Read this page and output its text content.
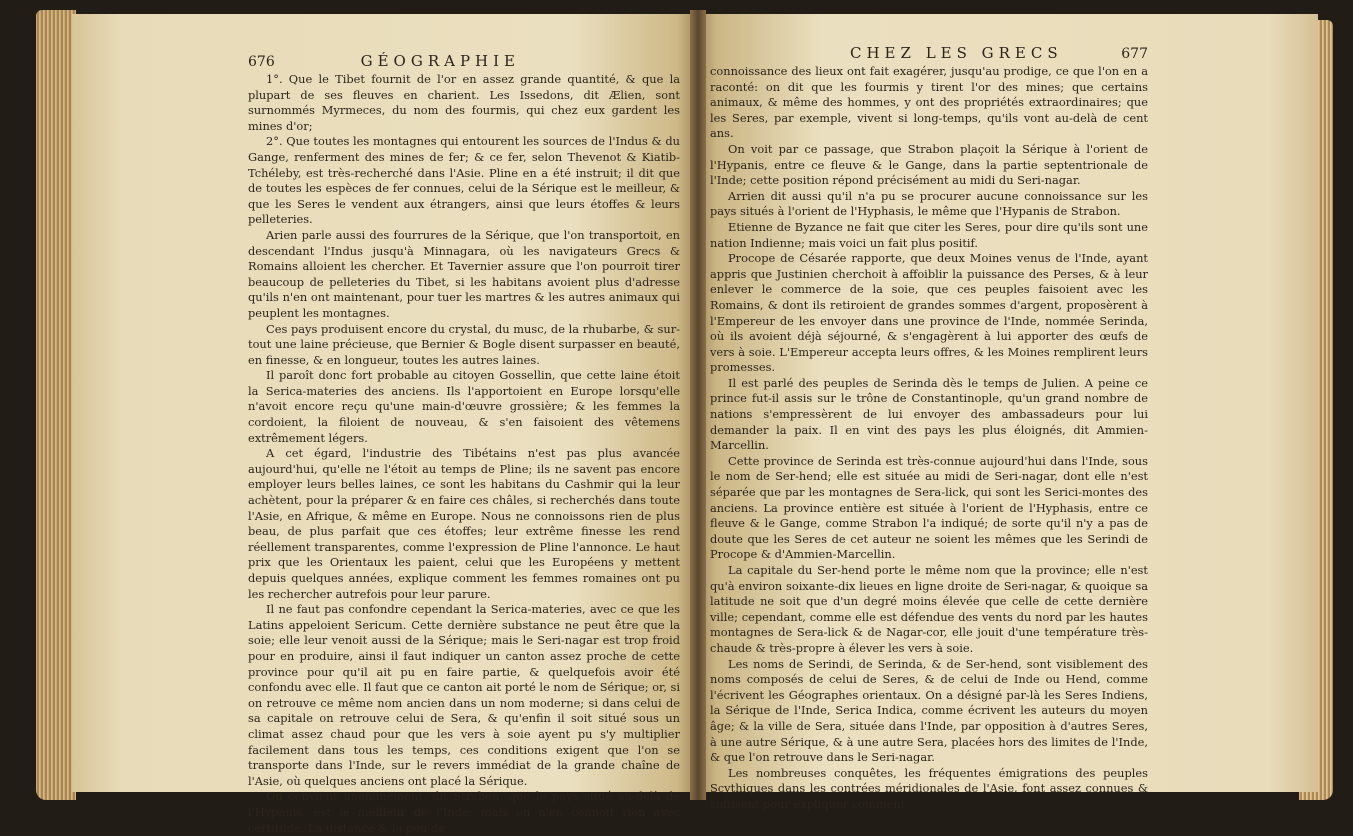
676	GÉOGRAPHIE

1°. Que le Tibet fournit de l'or en assez grande quantité, & que la plupart de ses fleuves en charient. Les Issedons, dit Ælien, sont surnommés Myrmeces, du nom des fourmis, qui chez eux gardent les mines d'or;

2°. Que toutes les montagnes qui entourent les sources de l'Indus & du Gange, renferment des mines de fer; & ce fer, selon Thevenot & Kiatib-Tchéleby, est très-recherché dans l'Asie. Pline en a été instruit; il dit que de toutes les espèces de fer connues, celui de la Sérique est le meilleur, & que les Seres le vendent aux étrangers, ainsi que leurs étoffes & leurs pelleteries.

Arien parle aussi des fourrures de la Sérique, que l'on transportoit, en descendant l'Indus jusqu'à Minnagara, où les navigateurs Grecs & Romains alloient les chercher. Et Tavernier assure que l'on pourroit tirer beaucoup de pelleteries du Tibet, si les habitans avoient plus d'adresse qu'ils n'en ont maintenant, pour tuer les martres & les autres animaux qui peuplent les montagnes.

Ces pays produisent encore du crystal, du musc, de la rhubarbe, & sur-tout une laine précieuse, que Bernier & Bogle disent surpasser en beauté, en finesse, & en longueur, toutes les autres laines.

Il paroît donc fort probable au citoyen Gossellin, que cette laine étoit la Serica-materies des anciens. Ils l'apportoient en Europe lorsqu'elle n'avoit encore reçu qu'une main-d'œuvre grossière; & les femmes la cordoient, la filoient de nouveau, & s'en faisoient des vêtemens extrêmement légers.

A cet égard, l'industrie des Tibétains n'est pas plus avancée aujourd'hui, qu'elle ne l'étoit au temps de Pline; ils ne savent pas encore employer leurs belles laines, ce sont les habitans du Cashmir qui la leur achètent, pour la préparer & en faire ces châles, si recherchés dans toute l'Asie, en Afrique, & même en Europe. Nous ne connoissons rien de plus beau, de plus parfait que ces étoffes; leur extrême finesse les rend réellement transparentes, comme l'expression de Pline l'annonce. Le haut prix que les Orientaux les paient, celui que les Européens y mettent depuis quelques années, explique comment les femmes romaines ont pu les rechercher autrefois pour leur parure.

Il ne faut pas confondre cependant la Serica-materies, avec ce que les Latins appeloient Sericum. Cette dernière substance ne peut être que la soie; elle leur venoit aussi de la Sérique; mais le Seri-nagar est trop froid pour en produire, ainsi il faut indiquer un canton assez proche de cette province pour qu'il ait pu en faire partie, & quelquefois avoir été confondu avec elle. Il faut que ce canton ait porté le nom de Sérique; or, si on retrouve ce même nom ancien dans un nom moderne; si dans celui de sa capitale on retrouve celui de Sera, & qu'enfin il soit situé sous un climat assez chaud pour que les vers à soie ayent pu s'y multiplier facilement dans tous les temps, ces conditions exigent que l'on se transporte dans l'Inde, sur le revers immédiat de la grande chaîne de l'Asie, où quelques anciens ont placé la Sérique.

On convient unanimement, dit Strabon, que le pays situé au-delà de l'Hypanis, est le meilleur de l'Inde; mais on n'en connoît rien avec certitude. La distance & le peu de

CHEZ LES GRECS	677

connoissance des lieux ont fait exagérer, jusqu'au prodige, ce que l'on en a raconté: on dit que les fourmis y tirent l'or des mines; que certains animaux, & même des hommes, y ont des propriétés extraordinaires; que les Seres, par exemple, vivent si long-temps, qu'ils vont au-delà de cent ans.

On voit par ce passage, que Strabon plaçoit la Sérique à l'orient de l'Hypanis, entre ce fleuve & le Gange, dans la partie septentrionale de l'Inde; cette position répond précisément au midi du Seri-nagar.

Arrien dit aussi qu'il n'a pu se procurer aucune connoissance sur les pays situés à l'orient de l'Hyphasis, le même que l'Hypanis de Strabon.

Etienne de Byzance ne fait que citer les Seres, pour dire qu'ils sont une nation Indienne; mais voici un fait plus positif.

Procope de Césarée rapporte, que deux Moines venus de l'Inde, ayant appris que Justinien cherchoit à affoiblir la puissance des Perses, & à leur enlever le commerce de la soie, que ces peuples faisoient avec les Romains, & dont ils retiroient de grandes sommes d'argent, proposèrent à l'Empereur de les envoyer dans une province de l'Inde, nommée Serinda, où ils avoient déjà séjourné, & s'engagèrent à lui apporter des œufs de vers à soie. L'Empereur accepta leurs offres, & les Moines remplirent leurs promesses.

Il est parlé des peuples de Serinda dès le temps de Julien. A peine ce prince fut-il assis sur le trône de Constantinople, qu'un grand nombre de nations s'empressèrent de lui envoyer des ambassadeurs pour lui demander la paix. Il en vint des pays les plus éloignés, dit Ammien-Marcellin.

Cette province de Serinda est très-connue aujourd'hui dans l'Inde, sous le nom de Ser-hend; elle est située au midi de Seri-nagar, dont elle n'est séparée que par les montagnes de Sera-lick, qui sont les Serici-montes des anciens. La province entière est située à l'orient de l'Hyphasis, entre ce fleuve & le Gange, comme Strabon l'a indiqué; de sorte qu'il n'y a pas de doute que les Seres de cet auteur ne soient les mêmes que les Serindi de Procope & d'Ammien-Marcellin.

La capitale du Ser-hend porte le même nom que la province; elle n'est qu'à environ soixante-dix lieues en ligne droite de Seri-nagar, & quoique sa latitude ne soit que d'un degré moins élevée que celle de cette dernière ville; cependant, comme elle est défendue des vents du nord par les hautes montagnes de Sera-lick & de Nagar-cor, elle jouit d'une température très-chaude & très-propre à élever les vers à soie.

Les noms de Serindi, de Serinda, & de Ser-hend, sont visiblement des noms composés de celui de Seres, & de celui de Inde ou Hend, comme l'écrivent les Géographes orientaux. On a désigné par-là les Seres Indiens, la Sérique de l'Inde, Serica Indica, comme écrivent les auteurs du moyen âge; & la ville de Sera, située dans l'Inde, par opposition à d'autres Seres, à une autre Sérique, & à une autre Sera, placées hors des limites de l'Inde, & que l'on retrouve dans le Seri-nagar.

Les nombreuses conquêtes, les fréquentes émigrations des peuples Scythiques dans les contrées méridionales de l'Asie, font assez connues & suffisent pour expliquer comment
